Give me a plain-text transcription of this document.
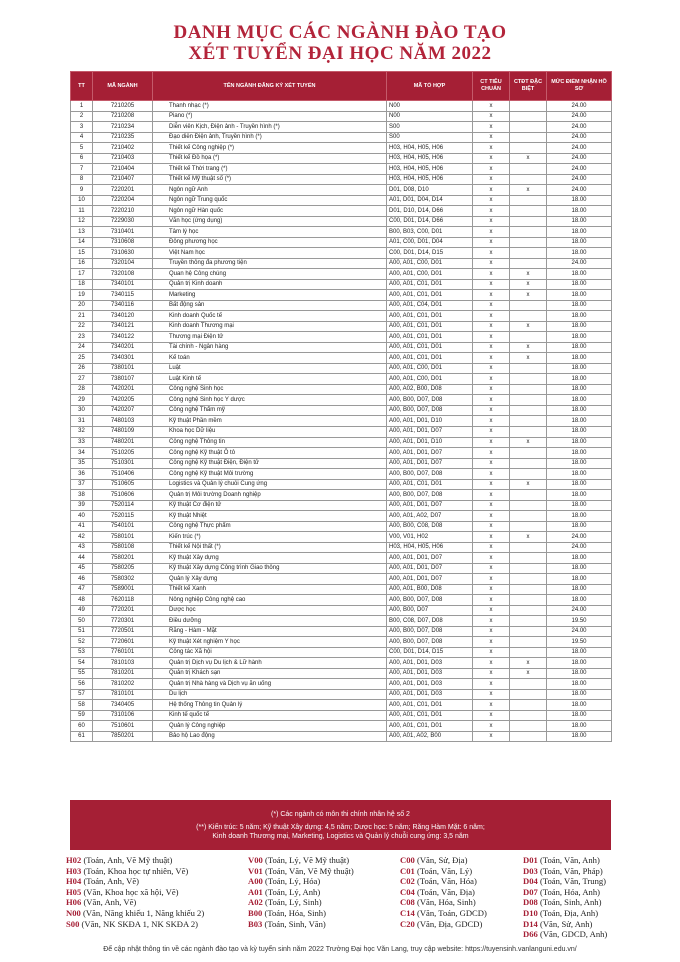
DANH MỤC CÁC NGÀNH ĐÀO TẠO
XÉT TUYỂN ĐẠI HỌC NĂM 2022
TT	MÃ NGÀNH	TÊN NGÀNH ĐĂNG KÝ XÉT TUYỂN	MÃ TỔ HỢP	CT TIÊU CHUẨN	CTĐT ĐẶC BIỆT	MỨC ĐIỂM NHẬN HỒ SƠ
1	7210205	Thanh nhạc (*)	N00	x		24.00
2	7210208	Piano (*)	N00	x		24.00
3	7210234	Diễn viên Kịch, Điện ảnh - Truyền hình (*)	S00	x		24.00
4	7210235	Đạo diễn Điện ảnh, Truyền hình (*)	S00	x		24.00
5	7210402	Thiết kế Công nghiệp (*)	H03, H04, H05, H06	x		24.00
6	7210403	Thiết kế Đồ họa (*)	H03, H04, H05, H06	x	x	24.00
7	7210404	Thiết kế Thời trang (*)	H03, H04, H05, H06	x		24.00
8	7210407	Thiết kế Mỹ thuật số (*)	H03, H04, H05, H06	x		24.00
9	7220201	Ngôn ngữ Anh	D01, D08, D10	x	x	24.00
10	7220204	Ngôn ngữ Trung quốc	A01, D01, D04, D14	x		18.00
11	7220210	Ngôn ngữ Hàn quốc	D01, D10, D14, D66	x		18.00
12	7229030	Văn học (ứng dụng)	C00, D01, D14, D66	x		18.00
13	7310401	Tâm lý học	B00, B03, C00, D01	x		18.00
14	7310608	Đông phương học	A01, C00, D01, D04	x		18.00
15	7310630	Việt Nam học	C00, D01, D14, D15	x		18.00
16	7320104	Truyền thông đa phương tiện	A00, A01, C00, D01	x		24.00
17	7320108	Quan hệ Công chúng	A00, A01, C00, D01	x	x	18.00
18	7340101	Quản trị Kinh doanh	A00, A01, C01, D01	x	x	18.00
19	7340115	Marketing	A00, A01, C01, D01	x	x	18.00
20	7340116	Bất động sản	A00, A01, C04, D01	x		18.00
21	7340120	Kinh doanh Quốc tế	A00, A01, C01, D01	x		18.00
22	7340121	Kinh doanh Thương mại	A00, A01, C01, D01	x	x	18.00
23	7340122	Thương mại Điện tử	A00, A01, C01, D01	x		18.00
24	7340201	Tài chính - Ngân hàng	A00, A01, C01, D01	x	x	18.00
25	7340301	Kế toán	A00, A01, C01, D01	x	x	18.00
26	7380101	Luật	A00, A01, C00, D01	x		18.00
27	7380107	Luật Kinh tế	A00, A01, C00, D01	x		18.00
28	7420201	Công nghệ Sinh học	A00, A02, B00, D08	x		18.00
29	7420205	Công nghệ Sinh học Y dược	A00, B00, D07, D08	x		18.00
30	7420207	Công nghệ Thẩm mỹ	A00, B00, D07, D08	x		18.00
31	7480103	Kỹ thuật Phần mềm	A00, A01, D01, D10	x		18.00
32	7480109	Khoa học Dữ liệu	A00, A01, D01, D07	x		18.00
33	7480201	Công nghệ Thông tin	A00, A01, D01, D10	x	x	18.00
34	7510205	Công nghệ Kỹ thuật Ô tô	A00, A01, D01, D07	x		18.00
35	7510301	Công nghệ Kỹ thuật Điện, Điện tử	A00, A01, D01, D07	x		18.00
36	7510406	Công nghệ Kỹ thuật Môi trường	A00, B00, D07, D08	x		18.00
37	7510605	Logistics và Quản lý chuỗi Cung ứng	A00, A01, C01, D01	x	x	18.00
38	7510606	Quản trị Môi trường Doanh nghiệp	A00, B00, D07, D08	x		18.00
39	7520114	Kỹ thuật Cơ điện tử	A00, A01, D01, D07	x		18.00
40	7520115	Kỹ thuật Nhiệt	A00, A01, A02, D07	x		18.00
41	7540101	Công nghệ Thực phẩm	A00, B00, C08, D08	x		18.00
42	7580101	Kiến trúc (*)	V00, V01, H02	x	x	24.00
43	7580108	Thiết kế Nội thất (*)	H03, H04, H05, H06	x		24.00
44	7580201	Kỹ thuật Xây dựng	A00, A01, D01, D07	x		18.00
45	7580205	Kỹ thuật Xây dựng Công trình Giao thông	A00, A01, D01, D07	x		18.00
46	7580302	Quản lý Xây dựng	A00, A01, D01, D07	x		18.00
47	7589001	Thiết kế Xanh	A00, A01, B00, D08	x		18.00
48	7620118	Nông nghiệp Công nghệ cao	A00, B00, D07, D08	x		18.00
49	7720201	Dược học	A00, B00, D07	x		24.00
50	7720301	Điều dưỡng	B00, C08, D07, D08	x		19.50
51	7720501	Răng - Hàm - Mặt	A00, B00, D07, D08	x		24.00
52	7720601	Kỹ thuật Xét nghiệm Y học	A00, B00, D07, D08	x		19.50
53	7760101	Công tác Xã hội	C00, D01, D14, D15	x		18.00
54	7810103	Quản trị Dịch vụ Du lịch & Lữ hành	A00, A01, D01, D03	x	x	18.00
55	7810201	Quản trị Khách sạn	A00, A01, D01, D03	x	x	18.00
56	7810202	Quản trị Nhà hàng và Dịch vụ ăn uống	A00, A01, D01, D03	x		18.00
57	7810101	Du lịch	A00, A01, D01, D03	x		18.00
58	7340405	Hệ thống Thông tin Quản lý	A00, A01, C01, D01	x		18.00
59	7310106	Kinh tế quốc tế	A00, A01, C01, D01	x		18.00
60	7510601	Quản lý Công nghiệp	A00, A01, C01, D01	x		18.00
61	7850201	Bảo hộ Lao động	A00, A01, A02, B00	x		18.00
(*) Các ngành có môn thi chính nhân hệ số 2
(**) Kiến trúc: 5 năm; Kỹ thuật Xây dựng: 4,5 năm; Dược học: 5 năm; Răng Hàm Mặt: 6 năm;
Kinh doanh Thương mại, Marketing, Logistics và Quản lý chuỗi cung ứng: 3,5 năm
H02 (Toán, Anh, Vẽ Mỹ thuật)
H03 (Toán, Khoa học tự nhiên, Vẽ)
H04 (Toán, Anh, Vẽ)
H05 (Văn, Khoa học xã hội, Vẽ)
H06 (Văn, Anh, Vẽ)
N00 (Văn, Năng khiếu 1, Năng khiếu 2)
S00 (Văn, NK SKĐA 1, NK SKĐA 2)
V00 (Toán, Lý, Vẽ Mỹ thuật)
V01 (Toán, Văn, Vẽ Mỹ thuật)
A00 (Toán, Lý, Hóa)
A01 (Toán, Lý, Anh)
A02 (Toán, Lý, Sinh)
B00 (Toán, Hóa, Sinh)
B03 (Toán, Sinh, Văn)
C00 (Văn, Sử, Địa)
C01 (Toán, Văn, Lý)
C02 (Toán, Văn, Hóa)
C04 (Toán, Văn, Địa)
C08 (Văn, Hóa, Sinh)
C14 (Văn, Toán, GDCD)
C20 (Văn, Địa, GDCD)
D01 (Toán, Văn, Anh)
D03 (Toán, Văn, Pháp)
D04 (Toán, Văn, Trung)
D07 (Toán, Hóa, Anh)
D08 (Toán, Sinh, Anh)
D10 (Toán, Địa, Anh)
D14 (Văn, Sử, Anh)
D66 (Văn, GDCD, Anh)
Để cập nhật thông tin về các ngành đào tạo và kỳ tuyển sinh năm 2022 Trường Đại học Văn Lang, truy cập website: https://tuyensinh.vanlanguni.edu.vn/
